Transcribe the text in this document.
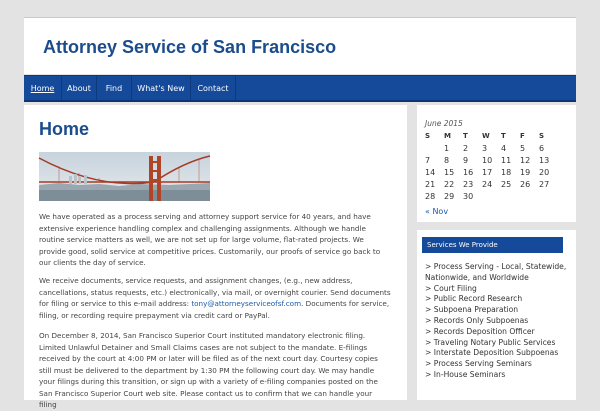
Attorney Service of San Francisco
Home	About	Find	What's New	Contact
Home

We have operated as a process serving and attorney support service for 40 years, and have extensive experience handling complex and challenging assignments. Although we handle routine service matters as well, we are not set up for large volume, flat-rated projects. We provide good, solid service at competitive prices. Customarily, our proofs of service go back to our clients the day of service.

We receive documents, service requests, and assignment changes, (e.g., new address, cancellations, status requests, etc.) electronically, via mail, or overnight courier. Send documents for filing or service to this e-mail address: tony@attorneyserviceofsf.com. Documents for service, filing, or recording require prepayment via credit card or PayPal.

On December 8, 2014, San Francisco Superior Court instituted mandatory electronic filing. Limited Unlawful Detainer and Small Claims cases are not subject to the mandate. E-filings received by the court at 4:00 PM or later will be filed as of the next court day. Courtesy copies still must be delivered to the department by 1:30 PM the following court day. We may handle your filings during this transition, or sign up with a variety of e-filing companies posted on the San Francisco Superior Court web site. Please contact us to confirm that we can handle your filing

June 2015
S	M	T	W	T	F	S
	1	2	3	4	5	6
7	8	9	10	11	12	13
14	15	16	17	18	19	20
21	22	23	24	25	26	27
28	29	30				
« Nov
Services We Provide
> Process Serving - Local, Statewide, Nationwide, and Worldwide
> Court Filing
> Public Record Research
> Subpoena Preparation
> Records Only Subpoenas
> Records Deposition Officer
> Traveling Notary Public Services
> Interstate Deposition Subpoenas
> Process Serving Seminars
> In-House Seminars
